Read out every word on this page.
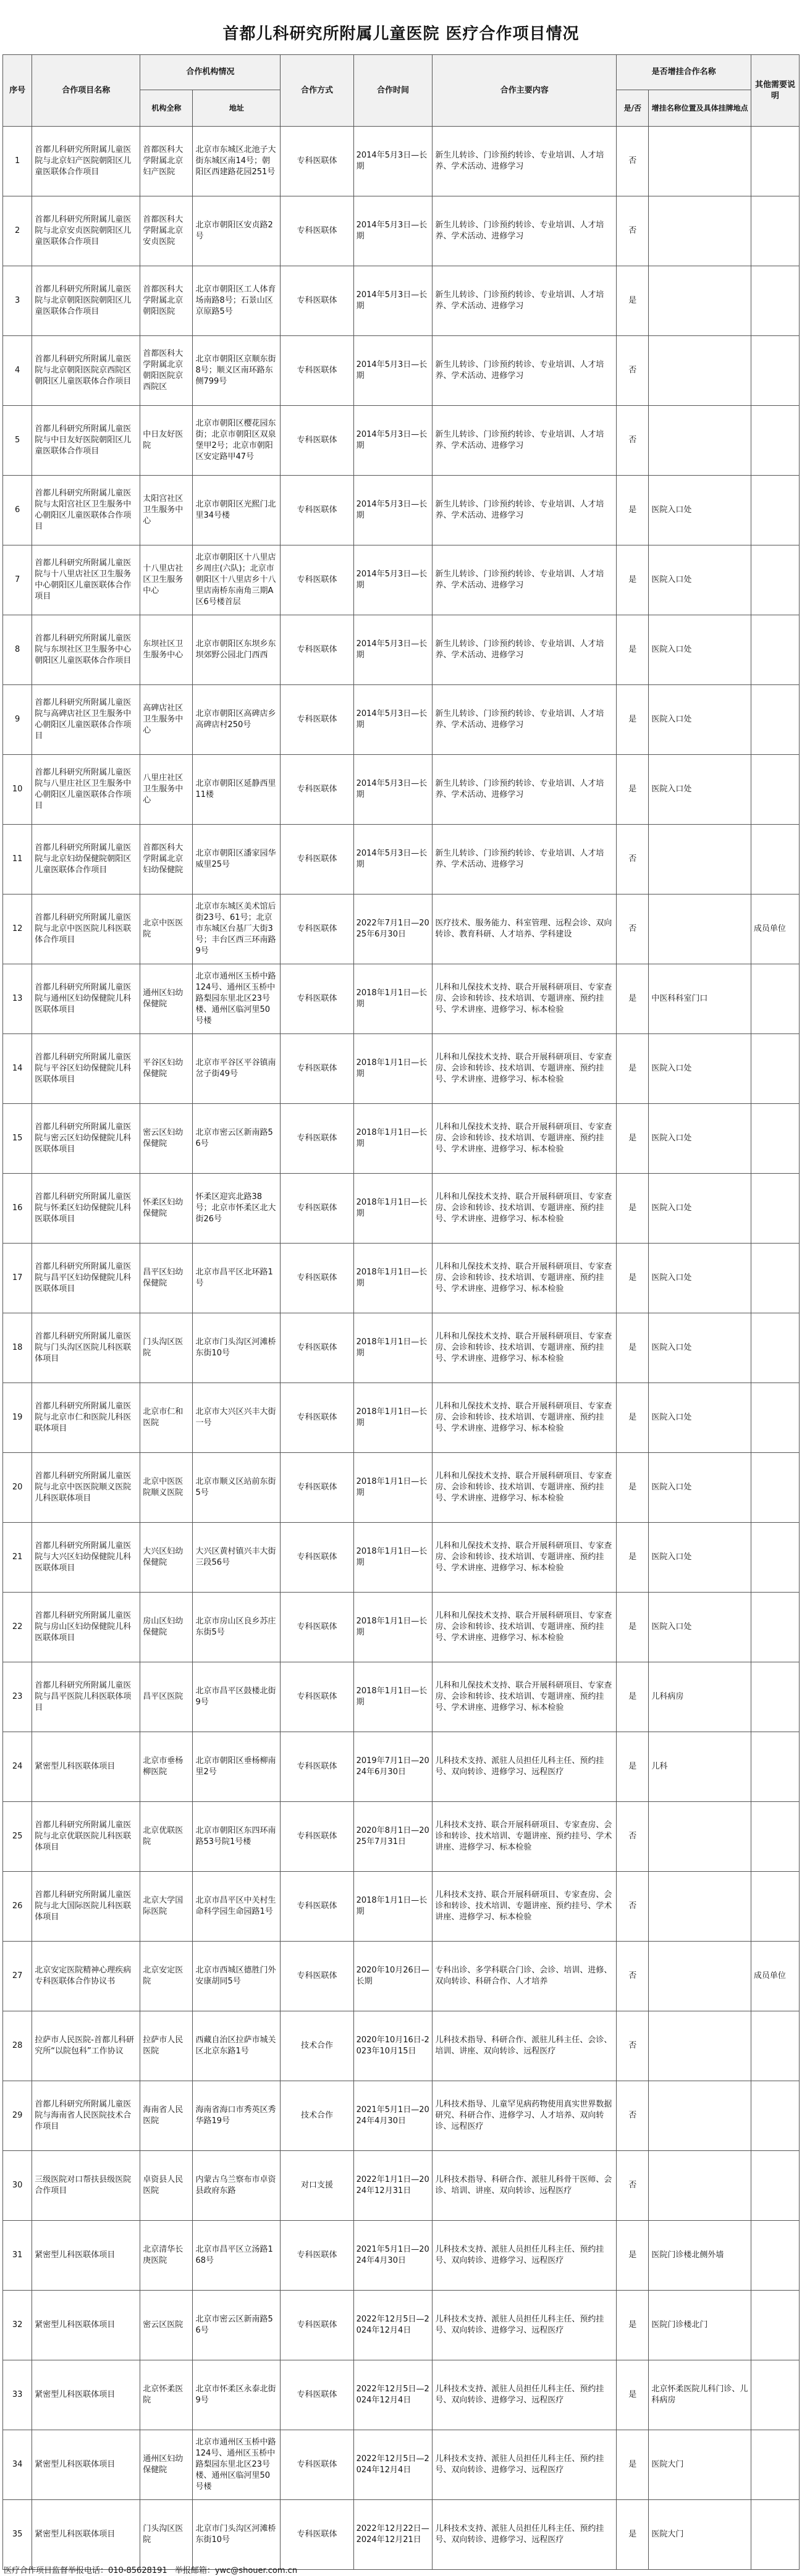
首都儿科研究所附属儿童医院 医疗合作项目情况
序号	合作项目名称	合作机构情况		合作方式	合作时间	合作主要内容	是否增挂合作名称		其他需要说明
		机构全称	地址				是/否	增挂名称位置及具体挂牌地点	
1	首都儿科研究所附属儿童医院与北京妇产医院朝阳区儿童医联体合作项目	首都医科大学附属北京妇产医院	北京市东城区北池子大街东城区南14号；朝阳区西建路花园251号	专科医联体	2014年5月3日—长期	新生儿转诊、门诊预约转诊、专业培训、人才培养、学术活动、进修学习	否		
2	首都儿科研究所附属儿童医院与北京安贞医院朝阳区儿童医联体合作项目	首都医科大学附属北京安贞医院	北京市朝阳区安贞路2号	专科医联体	2014年5月3日—长期	新生儿转诊、门诊预约转诊、专业培训、人才培养、学术活动、进修学习	否		
3	首都儿科研究所附属儿童医院与北京朝阳医院朝阳区儿童医联体合作项目	首都医科大学附属北京朝阳医院	北京市朝阳区工人体育场南路8号；石景山区京原路5号	专科医联体	2014年5月3日—长期	新生儿转诊、门诊预约转诊、专业培训、人才培养、学术活动、进修学习	是		
4	首都儿科研究所附属儿童医院与北京朝阳医院京西院区朝阳区儿童医联体合作项目	首都医科大学附属北京朝阳医院京西院区	北京市朝阳区京顺东街8号；顺义区南环路东侧799号	专科医联体	2014年5月3日—长期	新生儿转诊、门诊预约转诊、专业培训、人才培养、学术活动、进修学习	否		
5	首都儿科研究所附属儿童医院与中日友好医院朝阳区儿童医联体合作项目	中日友好医院	北京市朝阳区樱花园东街；北京市朝阳区双泉堡甲2号；北京市朝阳区安定路甲47号	专科医联体	2014年5月3日—长期	新生儿转诊、门诊预约转诊、专业培训、人才培养、学术活动、进修学习	否		
6	首都儿科研究所附属儿童医院与太阳宫社区卫生服务中心朝阳区儿童医联体合作项目	太阳宫社区卫生服务中心	北京市朝阳区光熙门北里34号楼	专科医联体	2014年5月3日—长期	新生儿转诊、门诊预约转诊、专业培训、人才培养、学术活动、进修学习	是	医院入口处	
7	首都儿科研究所附属儿童医院与十八里店社区卫生服务中心朝阳区儿童医联体合作项目	十八里店社区卫生服务中心	北京市朝阳区十八里店乡周庄(六队)；北京市朝阳区十八里店乡十八里店南桥东南角三期A区6号楼首层	专科医联体	2014年5月3日—长期	新生儿转诊、门诊预约转诊、专业培训、人才培养、学术活动、进修学习	是	医院入口处	
8	首都儿科研究所附属儿童医院与东坝社区卫生服务中心朝阳区儿童医联体合作项目	东坝社区卫生服务中心	北京市朝阳区东坝乡东坝郊野公园北门西西	专科医联体	2014年5月3日—长期	新生儿转诊、门诊预约转诊、专业培训、人才培养、学术活动、进修学习	是	医院入口处	
9	首都儿科研究所附属儿童医院与高碑店社区卫生服务中心朝阳区儿童医联体合作项目	高碑店社区卫生服务中心	北京市朝阳区高碑店乡高碑店村250号	专科医联体	2014年5月3日—长期	新生儿转诊、门诊预约转诊、专业培训、人才培养、学术活动、进修学习	是	医院入口处	
10	首都儿科研究所附属儿童医院与八里庄社区卫生服务中心朝阳区儿童医联体合作项目	八里庄社区卫生服务中心	北京市朝阳区延静西里11楼	专科医联体	2014年5月3日—长期	新生儿转诊、门诊预约转诊、专业培训、人才培养、学术活动、进修学习	是	医院入口处	
11	首都儿科研究所附属儿童医院与北京妇幼保健院朝阳区儿童医联体合作项目	首都医科大学附属北京妇幼保健院	北京市朝阳区潘家园华威里25号	专科医联体	2014年5月3日—长期	新生儿转诊、门诊预约转诊、专业培训、人才培养、学术活动、进修学习	否		
12	首都儿科研究所附属儿童医院与北京中医医院儿科医联体合作项目	北京中医医院	北京市东城区美术馆后街23号、61号；北京市东城区台基厂大街3号；丰台区西三环南路9号	专科医联体	2022年7月1日—2025年6月30日	医疗技术、服务能力、科室管理、远程会诊、双向转诊、教育科研、人才培养、学科建设	否		成员单位
13	首都儿科研究所附属儿童医院与通州区妇幼保健院儿科医联体项目	通州区妇幼保健院	北京市通州区玉桥中路124号、通州区玉桥中路梨园东里北区23号楼、通州区临河里50号楼	专科医联体	2018年1月1日—长期	儿科和儿保技术支持、联合开展科研项目、专家查房、会诊和转诊、技术培训、专题讲座、预约挂号、学术讲座、进修学习、标本检验	是	中医科科室门口	
14	首都儿科研究所附属儿童医院与平谷区妇幼保健院儿科医联体项目	平谷区妇幼保健院	北京市平谷区平谷镇南岔子街49号	专科医联体	2018年1月1日—长期	儿科和儿保技术支持、联合开展科研项目、专家查房、会诊和转诊、技术培训、专题讲座、预约挂号、学术讲座、进修学习、标本检验	是	医院入口处	
15	首都儿科研究所附属儿童医院与密云区妇幼保健院儿科医联体项目	密云区妇幼保健院	北京市密云区新南路56号	专科医联体	2018年1月1日—长期	儿科和儿保技术支持、联合开展科研项目、专家查房、会诊和转诊、技术培训、专题讲座、预约挂号、学术讲座、进修学习、标本检验	是	医院入口处	
16	首都儿科研究所附属儿童医院与怀柔区妇幼保健院儿科医联体项目	怀柔区妇幼保健院	怀柔区迎宾北路38号；北京市怀柔区北大街26号	专科医联体	2018年1月1日—长期	儿科和儿保技术支持、联合开展科研项目、专家查房、会诊和转诊、技术培训、专题讲座、预约挂号、学术讲座、进修学习、标本检验	是	医院入口处	
17	首都儿科研究所附属儿童医院与昌平区妇幼保健院儿科医联体项目	昌平区妇幼保健院	北京市昌平区北环路1号	专科医联体	2018年1月1日—长期	儿科和儿保技术支持、联合开展科研项目、专家查房、会诊和转诊、技术培训、专题讲座、预约挂号、学术讲座、进修学习、标本检验	是	医院入口处	
18	首都儿科研究所附属儿童医院与门头沟区医院儿科医联体项目	门头沟区医院	北京市门头沟区河滩桥东街10号	专科医联体	2018年1月1日—长期	儿科和儿保技术支持、联合开展科研项目、专家查房、会诊和转诊、技术培训、专题讲座、预约挂号、学术讲座、进修学习、标本检验	是	医院入口处	
19	首都儿科研究所附属儿童医院与北京市仁和医院儿科医联体项目	北京市仁和医院	北京市大兴区兴丰大街一号	专科医联体	2018年1月1日—长期	儿科和儿保技术支持、联合开展科研项目、专家查房、会诊和转诊、技术培训、专题讲座、预约挂号、学术讲座、进修学习、标本检验	是	医院入口处	
20	首都儿科研究所附属儿童医院与北京中医医院顺义医院儿科医联体项目	北京中医医院顺义医院	北京市顺义区站前东街5号	专科医联体	2018年1月1日—长期	儿科和儿保技术支持、联合开展科研项目、专家查房、会诊和转诊、技术培训、专题讲座、预约挂号、学术讲座、进修学习、标本检验	是	医院入口处	
21	首都儿科研究所附属儿童医院与大兴区妇幼保健院儿科医联体项目	大兴区妇幼保健院	大兴区黄村镇兴丰大街三段56号	专科医联体	2018年1月1日—长期	儿科和儿保技术支持、联合开展科研项目、专家查房、会诊和转诊、技术培训、专题讲座、预约挂号、学术讲座、进修学习、标本检验	是	医院入口处	
22	首都儿科研究所附属儿童医院与房山区妇幼保健院儿科医联体项目	房山区妇幼保健院	北京市房山区良乡苏庄东街5号	专科医联体	2018年1月1日—长期	儿科和儿保技术支持、联合开展科研项目、专家查房、会诊和转诊、技术培训、专题讲座、预约挂号、学术讲座、进修学习、标本检验	是	医院入口处	
23	首都儿科研究所附属儿童医院与昌平医院儿科医联体项目	昌平区医院	北京市昌平区鼓楼北街9号	专科医联体	2018年1月1日—长期	儿科和儿保技术支持、联合开展科研项目、专家查房、会诊和转诊、技术培训、专题讲座、预约挂号、学术讲座、进修学习、标本检验	是	儿科病房	
24	紧密型儿科医联体项目	北京市垂杨柳医院	北京市朝阳区垂杨柳南里2号	专科医联体	2019年7月1日—2024年6月30日	儿科技术支持、派驻人员担任儿科主任、预约挂号、双向转诊、进修学习、远程医疗	是	儿科	
25	首都儿科研究所附属儿童医院与北京优联医院儿科医联体项目	北京优联医院	北京市朝阳区东四环南路53号院1号楼	专科医联体	2020年8月1日—2025年7月31日	儿科技术支持、联合开展科研项目、专家查房、会诊和转诊、技术培训、专题讲座、预约挂号、学术讲座、进修学习、标本检验	否		
26	首都儿科研究所附属儿童医院与北大国际医院儿科医联体项目	北京大学国际医院	北京市昌平区中关村生命科学园生命园路1号	专科医联体	2018年1月1日—长期	儿科技术支持、联合开展科研项目、专家查房、会诊和转诊、技术培训、专题讲座、预约挂号、学术讲座、进修学习、标本检验	否		
27	北京安定医院精神心理疾病专科医联体合作协议书	北京安定医院	北京市西城区德胜门外安康胡同5号	专科医联体	2020年10月26日—长期	专科出诊、多学科联合门诊、会诊、培训、进修、双向转诊、科研合作、人才培养	否		成员单位
28	拉萨市人民医院-首都儿科研究所“以院包科”工作协议	拉萨市人民医院	西藏自治区拉萨市城关区北京东路1号	技术合作	2020年10月16日-2023年10月15日	儿科技术指导、科研合作、派驻儿科主任、会诊、培训、讲座、双向转诊、远程医疗	否		
29	首都儿科研究所附属儿童医院与海南省人民医院技术合作项目	海南省人民医院	海南省海口市秀英区秀华路19号	技术合作	2021年5月1日—2024年4月30日	儿科技术指导、儿童罕见病药物使用真实世界数据研究、科研合作、进修学习、人才培养、双向转诊、远程医疗	否		
30	三级医院对口帮扶县级医院合作项目	卓资县人民医院	内蒙古乌兰察布市卓资县政府东路	对口支援	2022年1月1日—2024年12月31日	儿科技术指导、科研合作、派驻儿科骨干医师、会诊、培训、讲座、双向转诊、远程医疗	否		
31	紧密型儿科医联体项目	北京清华长庚医院	北京市昌平区立汤路168号	专科医联体	2021年5月1日—2024年4月30日	儿科技术支持、派驻人员担任儿科主任、预约挂号、双向转诊、进修学习、远程医疗	是	医院门诊楼北侧外墙	
32	紧密型儿科医联体项目	密云区医院	北京市密云区新南路56号	专科医联体	2022年12月5日—2024年12月4日	儿科技术支持、派驻人员担任儿科主任、预约挂号、双向转诊、进修学习、远程医疗	是	医院门诊楼北门	
33	紧密型儿科医联体项目	北京怀柔医院	北京市怀柔区永泰北街9号	专科医联体	2022年12月5日—2024年12月4日	儿科技术支持、派驻人员担任儿科主任、预约挂号、双向转诊、进修学习、远程医疗	是	北京怀柔医院儿科门诊、儿科病房	
34	紧密型儿科医联体项目	通州区妇幼保健院	北京市通州区玉桥中路124号、通州区玉桥中路梨园东里北区23号楼、通州区临河里50号楼	专科医联体	2022年12月5日—2024年12月4日	儿科技术支持、派驻人员担任儿科主任、预约挂号、双向转诊、进修学习、远程医疗	是	医院大门	
35	紧密型儿科医联体项目	门头沟区医院	北京市门头沟区河滩桥东街10号	专科医联体	2022年12月22日—2024年12月21日	儿科技术支持、派驻人员担任儿科主任、预约挂号、双向转诊、进修学习、远程医疗	是	医院大门	
医疗合作项目监督举报电话：010-85628191 举报邮箱：ywc@shouer.com.cn
